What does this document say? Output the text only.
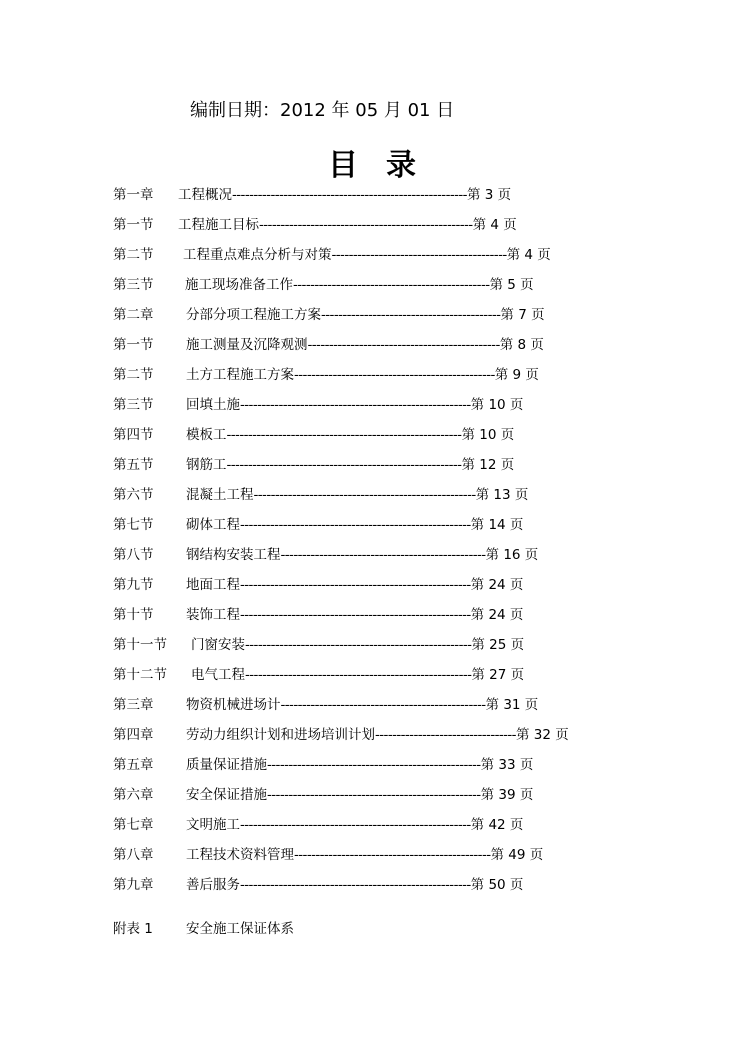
编制日期：2012 年 05 月 01 日
目录
第一章 工程概况-------------------------------------------------------第 3 页
第一节 工程施工目标--------------------------------------------------第 4 页
第二节 工程重点难点分析与对策-----------------------------------------第 4 页
第三节 施工现场准备工作----------------------------------------------第 5 页
第二章 分部分项工程施工方案------------------------------------------第 7 页
第一节 施工测量及沉降观测---------------------------------------------第 8 页
第二节 土方工程施工方案-----------------------------------------------第 9 页
第三节 回填土施------------------------------------------------------第 10 页
第四节 模板工-------------------------------------------------------第 10 页
第五节 钢筋工-------------------------------------------------------第 12 页
第六节 混凝土工程----------------------------------------------------第 13 页
第七节 砌体工程------------------------------------------------------第 14 页
第八节 钢结构安装工程------------------------------------------------第 16 页
第九节 地面工程------------------------------------------------------第 24 页
第十节 装饰工程------------------------------------------------------第 24 页
第十一节 门窗安装-----------------------------------------------------第 25 页
第十二节 电气工程-----------------------------------------------------第 27 页
第三章 物资机械进场计------------------------------------------------第 31 页
第四章 劳动力组织计划和进场培训计划---------------------------------第 32 页
第五章 质量保证措施--------------------------------------------------第 33 页
第六章 安全保证措施--------------------------------------------------第 39 页
第七章 文明施工------------------------------------------------------第 42 页
第八章 工程技术资料管理----------------------------------------------第 49 页
第九章 善后服务------------------------------------------------------第 50 页
附表 1 安全施工保证体系
